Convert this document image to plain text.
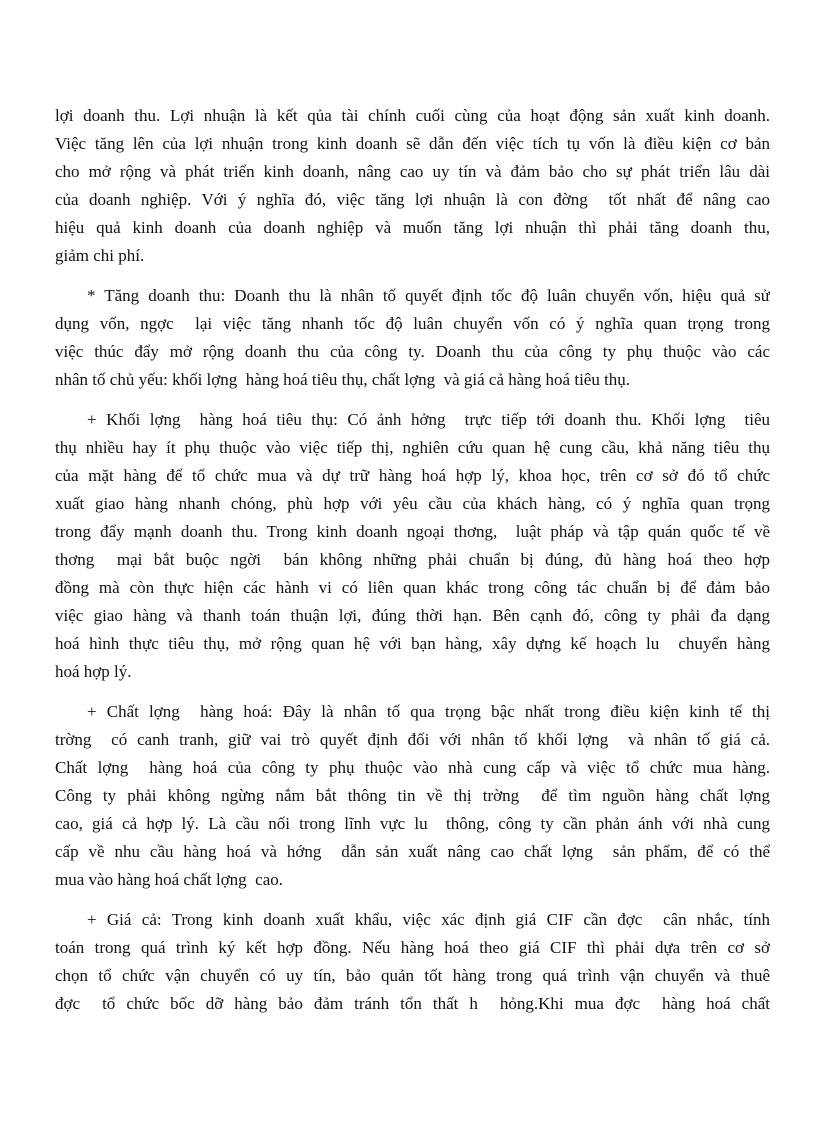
lợi doanh thu. Lợi nhuận là kết qủa tài chính cuối cùng của hoạt động sản xuất kinh doanh.
Việc tăng lên của lợi nhuận trong kinh doanh sẽ dẫn đến việc tích tụ vốn là điều kiện cơ bản
cho mở rộng và phát triển kinh doanh, nâng cao uy tín và đảm bảo cho sự phát triển lâu dài
của doanh nghiệp. Với ý nghĩa đó, việc tăng lợi nhuận là con đờng  tốt nhất để nâng cao
hiệu quả kinh doanh của doanh nghiệp và muốn tăng lợi nhuận thì phải tăng doanh thu,
giảm chi phí.
* Tăng doanh thu: Doanh thu là nhân tố quyết định tốc độ luân chuyển vốn, hiệu quả sử
dụng vốn, ngợc  lại việc tăng nhanh tốc độ luân chuyển vốn có ý nghĩa quan trọng trong
việc thúc đẩy mở rộng doanh thu của công ty. Doanh thu của công ty phụ thuộc vào các
nhân tố chủ yếu: khối lợng  hàng hoá tiêu thụ, chất lợng  và giá cả hàng hoá tiêu thụ.
+ Khối lợng  hàng hoá tiêu thụ: Có ảnh hởng  trực tiếp tới doanh thu. Khối lợng  tiêu
thụ nhiều hay ít phụ thuộc vào việc tiếp thị, nghiên cứu quan hệ cung cầu, khả năng tiêu thụ
của mặt hàng để tổ chức mua và dự trữ hàng hoá hợp lý, khoa học, trên cơ sở đó tổ chức
xuất giao hàng nhanh chóng, phù hợp với yêu cầu của khách hàng, có ý nghĩa quan trọng
trong đẩy mạnh doanh thu. Trong kinh doanh ngoại thơng,  luật pháp và tập quán quốc tế về
thơng  mại bắt buộc ngời  bán không những phải chuẩn bị đúng, đủ hàng hoá theo hợp
đồng mà còn thực hiện các hành vi có liên quan khác trong công tác chuẩn bị để đảm bảo
việc giao hàng và thanh toán thuận lợi, đúng thời hạn. Bên cạnh đó, công ty phải đa dạng
hoá hình thực tiêu thụ, mở rộng quan hệ với bạn hàng, xây dựng kế hoạch lu  chuyển hàng
hoá hợp lý.
+ Chất lợng  hàng hoá: Đây là nhân tố qua trọng bậc nhất trong điều kiện kinh tế thị
trờng  có canh tranh, giữ vai trò quyết định đối với nhân tố khối lợng  và nhân tố giá cả.
Chất lợng  hàng hoá của công ty phụ thuộc vào nhà cung cấp và việc tổ chức mua hàng.
Công ty phải không ngừng nắm bắt thông tin về thị trờng  để tìm nguồn hàng chất lợng
cao, giá cả hợp lý. Là cầu nối trong lĩnh vực lu  thông, công ty cần phản ánh với nhà cung
cấp về nhu cầu hàng hoá và hớng  dẫn sản xuất nâng cao chất lợng  sản phẩm, để có thể
mua vào hàng hoá chất lợng  cao.
+ Giá cả: Trong kinh doanh xuất khẩu, việc xác định giá CIF cần đợc  cân nhắc, tính
toán trong quá trình ký kết hợp đồng. Nếu hàng hoá theo giá CIF thì phải dựa trên cơ sở
chọn tổ chức vận chuyển có uy tín, bảo quản tốt hàng trong quá trình vận chuyển và thuê
đợc  tổ chức bốc dỡ hàng bảo đảm tránh tổn thất h  hỏng.Khi mua đợc  hàng hoá chất
